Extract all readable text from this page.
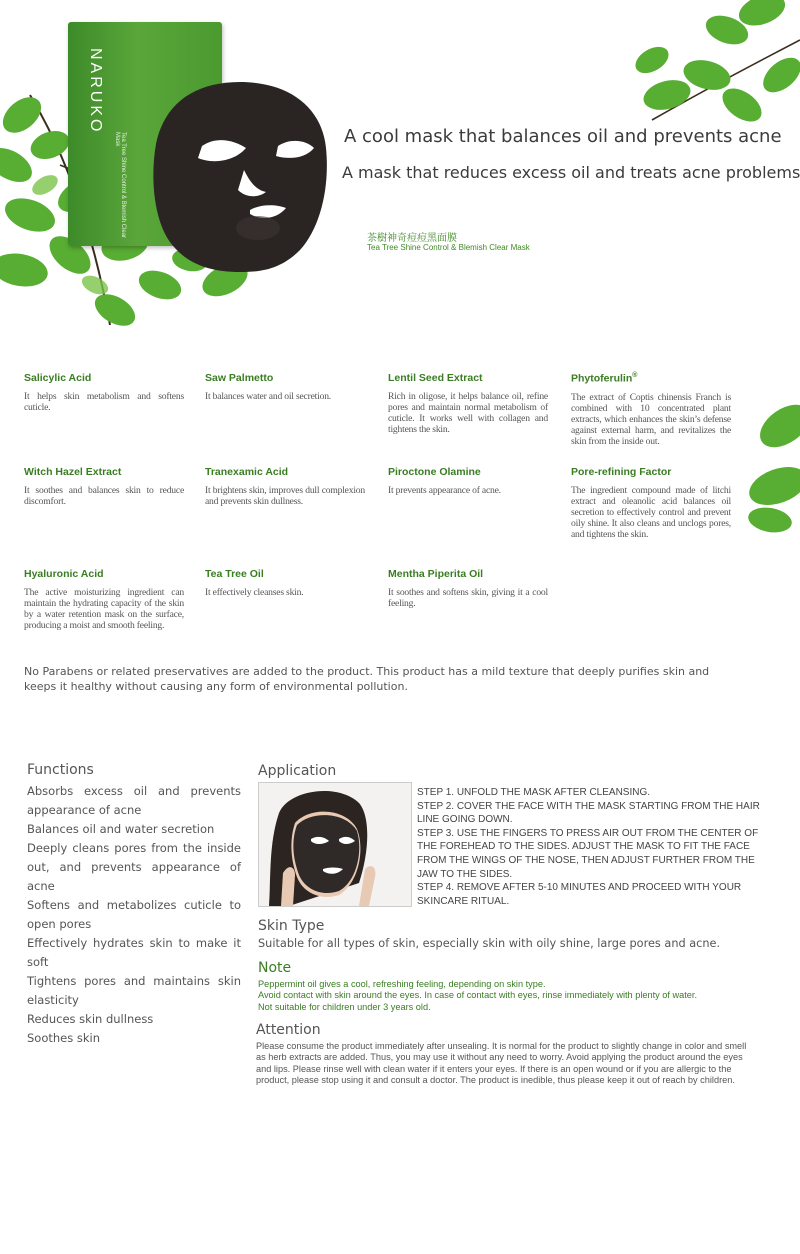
NARUKO
Tea Tree Shine Control & Blemish Clear Mask	A cool mask that balances oil and prevents acne
A mask that reduces excess oil and treats acne problems
茶樹神奇痘痘黑面膜
Tea Tree Shine Control & Blemish Clear Mask
Salicylic Acid

It helps skin metabolism and softens cuticle.

Saw Palmetto

It balances water and oil secretion.

Lentil Seed Extract

Rich in oligose, it helps balance oil, refine pores and maintain normal metabolism of cuticle. It works well with collagen and tightens the skin.

Phytoferulin®

The extract of Coptis chinensis Franch is combined with 10 concentrated plant extracts, which enhances the skin’s defense against external harm, and revitalizes the skin from the inside out.

Witch Hazel Extract

It soothes and balances skin to reduce discomfort.

Tranexamic Acid

It brightens skin, improves dull complexion and prevents skin dullness.

Piroctone Olamine

It prevents appearance of acne.

Pore-refining Factor

The ingredient compound made of litchi extract and oleanolic acid balances oil secretion to effectively control and prevent oily shine. It also cleans and unclogs pores, and tightens the skin.

Hyaluronic Acid

The active moisturizing ingredient can maintain the hydrating capacity of the skin by a water retention mask on the surface, producing a moist and smooth feeling.

Tea Tree Oil

It effectively cleanses skin.

Mentha Piperita Oil

It soothes and softens skin, giving it a cool feeling.

No Parabens or related preservatives are added to the product. This product has a mild texture that deeply purifies skin and keeps it healthy without causing any form of environmental pollution.
Functions
Absorbs excess oil and prevents appearance of acne
Balances oil and water secretion
Deeply cleans pores from the inside out, and prevents appearance of acne
Softens and metabolizes cuticle to open pores
Effectively hydrates skin to make it soft
Tightens pores and maintains skin elasticity
Reduces skin dullness
Soothes skin
Application

STEP 1. UNFOLD THE MASK AFTER CLEANSING.

STEP 2. COVER THE FACE WITH THE MASK STARTING FROM THE HAIR LINE GOING DOWN.

STEP 3. USE THE FINGERS TO PRESS AIR OUT FROM THE CENTER OF THE FOREHEAD TO THE SIDES. ADJUST THE MASK TO FIT THE FACE FROM THE WINGS OF THE NOSE, THEN ADJUST FURTHER FROM THE JAW TO THE SIDES.

STEP 4. REMOVE AFTER 5-10 MINUTES AND PROCEED WITH YOUR SKINCARE RITUAL.

Skin Type
Suitable for all types of skin, especially skin with oily shine, large pores and acne.
Note

Peppermint oil gives a cool, refreshing feeling, depending on skin type.

Avoid contact with skin around the eyes. In case of contact with eyes, rinse immediately with plenty of water.

Not suitable for children under 3 years old.

Attention

Please consume the product immediately after unsealing. It is normal for the product to slightly change in color and smell as herb extracts are added. Thus, you may use it without any need to worry. Avoid applying the product around the eyes and lips. Please rinse well with clean water if it enters your eyes. If there is an open wound or if you are allergic to the product, please stop using it and consult a doctor. The product is inedible, thus please keep it out of reach by children.
